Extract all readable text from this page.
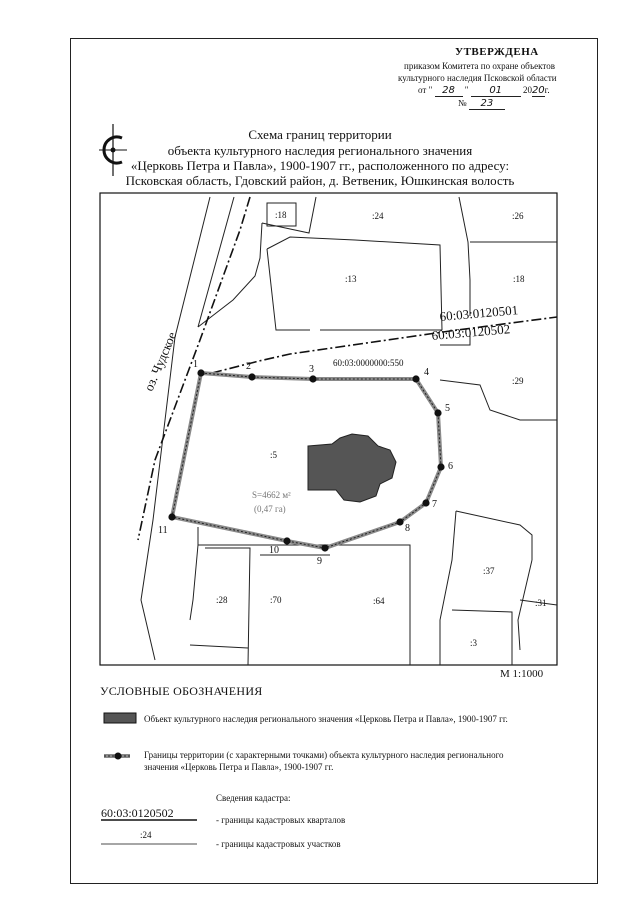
УТВЕРЖДЕНА
приказом Комитета по охране объектов
культурного наследия Псковской области
от " 28 " 01 2020г.
№ 23
Схема границ территории
объекта культурного наследия регионального значения
«Церковь Петра и Павла», 1900-1907 гг., расположенного по адресу:
Псковская область, Гдовский район, д. Ветвеник, Юшкинская волость
1	2	3	4
5
6
7
8
9
10
11
оз. Чудское
60:03:0120501
60:03:0120502
60:03:0000000:550
:18	:24	:26
:13	:18
:29
:5
:37
:28	:70	:64	:31
:3
S=4662 м²
(0,47 га)
М 1:1000
УСЛОВНЫЕ ОБОЗНАЧЕНИЯ
Объект культурного наследия регионального значения «Церковь Петра и Павла», 1900-1907 гг.
Границы территории (с характерными точками) объекта культурного наследия регионального
значения «Церковь Петра и Павла», 1900-1907 гг.
Сведения кадастра:
60:03:0120502	- границы кадастровых кварталов
:24
- границы кадастровых участков
